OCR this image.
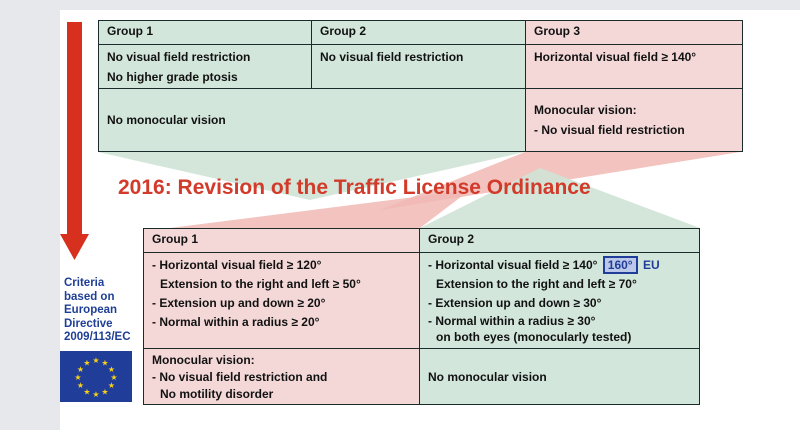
Group 1	Group 2	Group 3

No visual field restriction
No higher grade ptosis	No visual field restriction	Horizontal visual field ≥ 140°

No monocular vision		Monocular vision:
- No visual field restriction
2016: Revision of the Traffic License Ordinance
Criteria
based on
European
Directive
2009/113/EC
★ ★
★
★
★
★
★
★
★
★
★
★
Group 1	Group 2

- Horizontal visual field ≥ 120°
Extension to the right and left ≥ 50°
- Extension up and down ≥ 20°
- Normal within a radius ≥ 20°	- Horizontal visual field ≥ 140° 160° EU
Extension to the right and left ≥ 70°
- Extension up and down ≥ 30°
- Normal within a radius ≥ 30°
on both eyes (monocularly tested)

Monocular vision:
- No visual field restriction and
No motility disorder	No monocular vision
